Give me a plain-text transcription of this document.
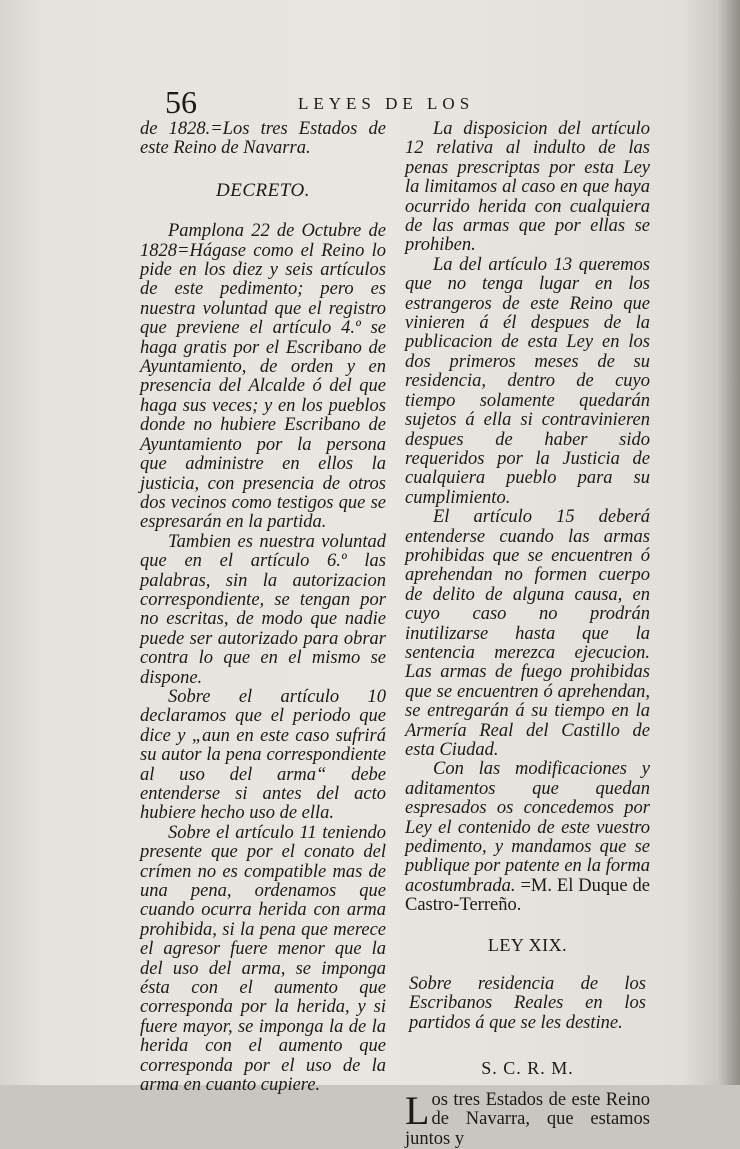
56	LEYES DE LOS

de 1828.=Los tres Estados de este Reino de Navarra.

DECRETO.

Pamplona 22 de Octubre de 1828=Hágase como el Reino lo pide en los diez y seis artículos de este pedimento; pero es nuestra voluntad que el registro que previene el artículo 4.º se haga gratis por el Escribano de Ayuntamiento, de orden y en presencia del Alcalde ó del que haga sus veces; y en los pueblos donde no hubiere Escribano de Ayuntamiento por la persona que administre en ellos la justicia, con presencia de otros dos vecinos como testigos que se espresarán en la partida.

Tambien es nuestra voluntad que en el artículo 6.º las palabras, sin la autorizacion correspondiente, se tengan por no escritas, de modo que nadie puede ser autorizado para obrar contra lo que en el mismo se dispone.

Sobre el artículo 10 declaramos que el periodo que dice y „aun en este caso sufrirá su autor la pena correspondiente al uso del arma“ debe entenderse si antes del acto hubiere hecho uso de ella.

Sobre el artículo 11 teniendo presente que por el conato del crímen no es compatible mas de una pena, ordenamos que cuando ocurra herida con arma prohibida, si la pena que merece el agresor fuere menor que la del uso del arma, se imponga ésta con el aumento que corresponda por la herida, y si fuere mayor, se imponga la de la herida con el aumento que corresponda por el uso de la arma en cuanto cupiere.

La disposicion del artículo 12 relativa al indulto de las penas prescriptas por esta Ley la limitamos al caso en que haya ocurrido herida con cualquiera de las armas que por ellas se prohiben.

La del artículo 13 queremos que no tenga lugar en los estrangeros de este Reino que vinieren á él despues de la publicacion de esta Ley en los dos primeros meses de su residencia, dentro de cuyo tiempo solamente quedarán sujetos á ella si contravinieren despues de haber sido requeridos por la Justicia de cualquiera pueblo para su cumplimiento.

El artículo 15 deberá entenderse cuando las armas prohibidas que se encuentren ó aprehendan no formen cuerpo de delito de alguna causa, en cuyo caso no prodrán inutilizarse hasta que la sentencia merezca ejecucion. Las armas de fuego prohibidas que se encuentren ó aprehendan, se entregarán á su tiempo en la Armería Real del Castillo de esta Ciudad.

Con las modificaciones y aditamentos que quedan espresados os concedemos por Ley el contenido de este vuestro pedimento, y mandamos que se publique por patente en la forma acostumbrada. =M. El Duque de Castro-Terreño.

LEY XIX.

Sobre residencia de los Escribanos Reales en los partidos á que se les destine.

S. C. R. M.

Los tres Estados de este Reino de Navarra, que estamos juntos y
